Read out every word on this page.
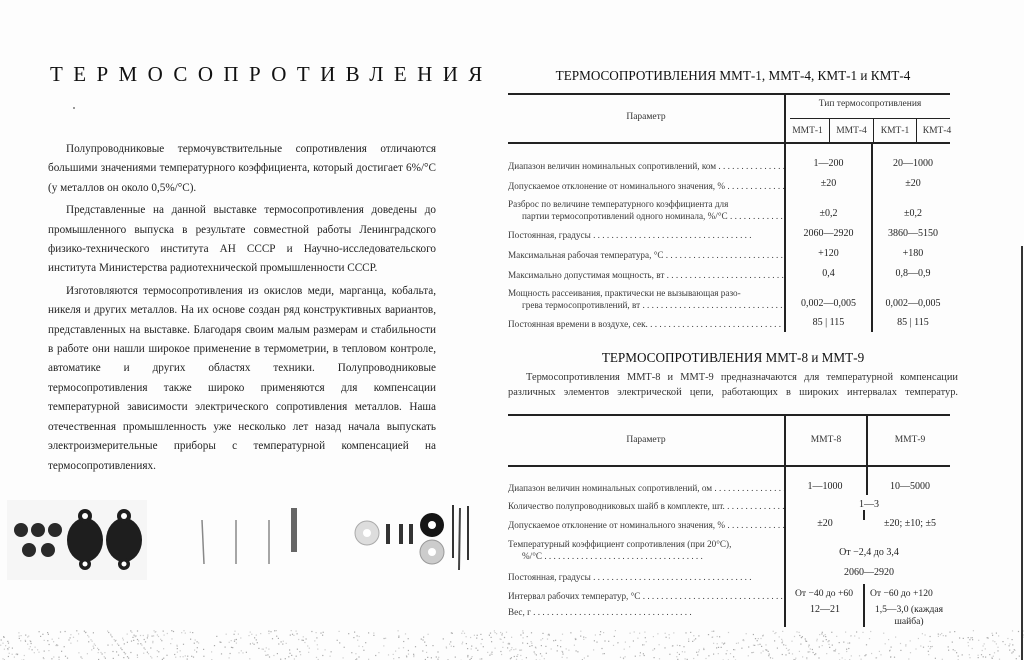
ТЕРМОСОПРОТИВЛЕНИЯ

Полупроводниковые термочувствительные сопротивления отличаются большими значениями температурного коэффициента, который достигает 6%/°С (у металлов он около 0,5%/°С).

Представленные на данной выставке термосопротивления доведены до промышленного выпуска в результате совместной работы Ленинградского физико-технического института АН СССР и Научно-исследовательского института Министерства радиотехнической промышленности СССР.

Изготовляются термосопротивления из окислов меди, марганца, кобальта, никеля и других металлов. На их основе создан ряд конструктивных вариантов, представленных на выставке. Благодаря своим малым размерам и стабильности в работе они нашли широкое применение в термометрии, в тепловом контроле, автоматике и других областях техники. Полупроводниковые термосопротивления также широко применяются для компенсации температурной зависимости электрического сопротивления металлов. Наша отечественная промышленность уже несколько лет назад начала выпускать электроизмерительные приборы с температурной компенсацией на термосопротивлениях.

ТЕРМОСОПРОТИВЛЕНИЯ ММТ-1, ММТ-4, КМТ-1 и КМТ-4
Параметр
Тип термосопротивления
ММТ-1	ММТ-4	КМТ-1	КМТ-4
Диапазон величин номинальных сопротивлений, ком . . .	1—200	20—1000
Допускаемое отклонение от номинального значения, % . . .	±20	±20
Разброс по величине температурного коэффициента для
партии термосопротивлений одного номинала, %/°С . . .	±0,2	±0,2
Постоянная, градусы . . .	2060—2920	3860—5150
Максимальная рабочая температура, °С . . .	+120	+180
Максимально допустимая мощность, вт . . .	0,4	0,8—0,9
Мощность рассеивания, практически не вызывающая разо-
грева термосопротивлений, вт . . .	0,002—0,005	0,002—0,005
Постоянная времени в воздухе, сек. . . .	85 | 115	85 | 115
ТЕРМОСОПРОТИВЛЕНИЯ ММТ-8 и ММТ-9
Термосопротивления ММТ-8 и ММТ-9 предназначаются для температурной компенсации
различных элементов электрической цепи, работающих в широких интервалах температур.
Параметр	ММТ-8	ММТ-9
Диапазон величин номинальных сопротивлений, ом . . .	1—1000	10—5000
Количество полупроводниковых шайб в комплекте, шт. . . .	1—3
Допускаемое отклонение от номинального значения, % . . .	±20	±20; ±10; ±5
Температурный коэффициент сопротивления (при 20°С),
%/°С . . .	От −2,4 до 3,4
Постоянная, градусы . . .	2060—2920
Интервал рабочих температур, °С . . .	От −40 до +60	От −60 до +120
Вес, г . . .	12—21	1,5—3,0 (каждая шайба)
